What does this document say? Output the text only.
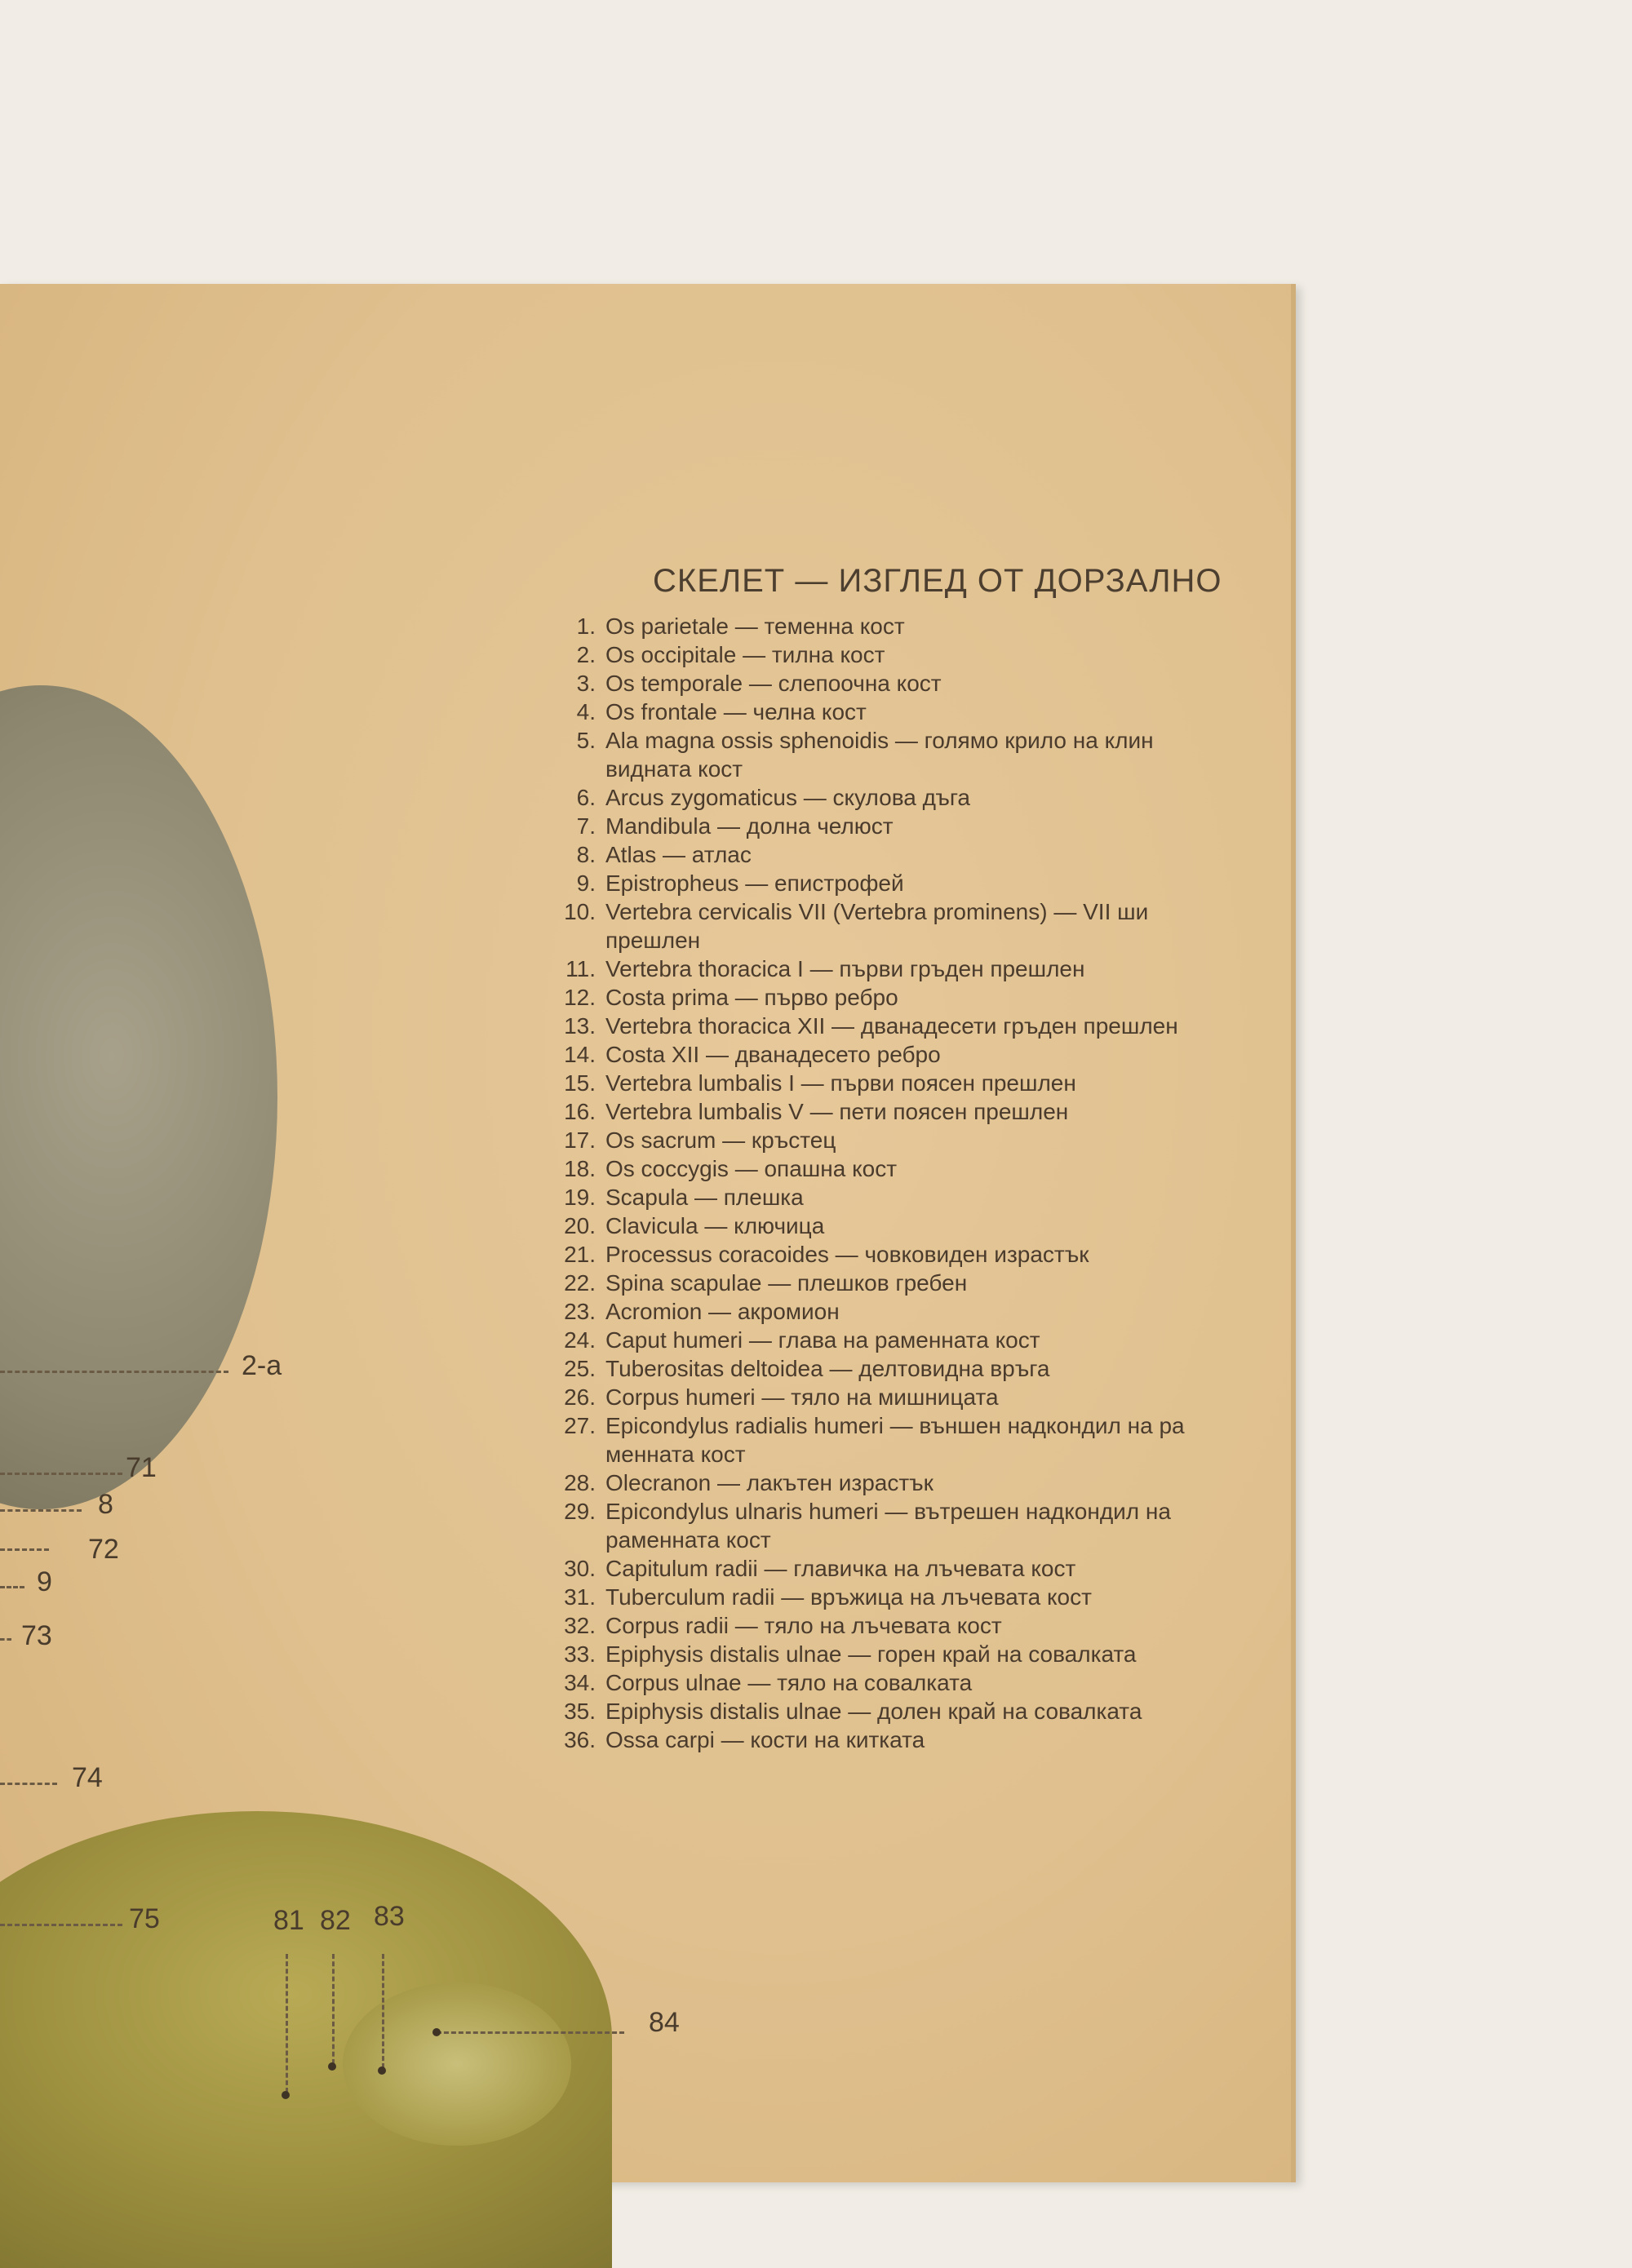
2-a
71
8
72
9
73
74
75	81 82 83
84
СКЕЛЕТ — ИЗГЛЕД ОТ ДОРЗАЛНО
1. Os parietale — теменна кост
2. Os occipitale — тилна кост
3. Os temporale — слепоочна кост
4. Os frontale — челна кост
5. Ala magna ossis sphenoidis — голямо крило на клин
видната кост
6. Arcus zygomaticus — скулова дъга
7. Mandibula — долна челюст
8. Atlas — атлас
9. Epistropheus — епистрофей
10. Vertebra cervicalis VII (Vertebra prominens) — VII ши
прешлен
11. Vertebra thoracica I — първи гръден прешлен
12. Costa prima — първо ребро
13. Vertebra thoracica XII — дванадесети гръден прешлен
14. Costa XII — дванадесето ребро
15. Vertebra lumbalis I — първи поясен прешлен
16. Vertebra lumbalis V — пети поясен прешлен
17. Os sacrum — кръстец
18. Os coccygis — опашна кост
19. Scapula — плешка
20. Clavicula — ключица
21. Processus coracoides — човковиден израстък
22. Spina scapulae — плешков гребен
23. Acromion — акромион
24. Caput humeri — глава на раменната кост
25. Tuberositas deltoidea — делтовидна връга
26. Corpus humeri — тяло на мишницата
27. Epicondylus radialis humeri — външен надкондил на ра
менната кост
28. Olecranon — лакътен израстък
29. Epicondylus ulnaris humeri — вътрешен надкондил на
раменната кост
30. Capitulum radii — главичка на лъчевата кост
31. Tuberculum radii — връжица на лъчевата кост
32. Corpus radii — тяло на лъчевата кост
33. Epiphysis distalis ulnae — горен край на совалката
34. Corpus ulnae — тяло на совалката
35. Epiphysis distalis ulnae — долен край на совалката
36. Ossa carpi — кости на китката
